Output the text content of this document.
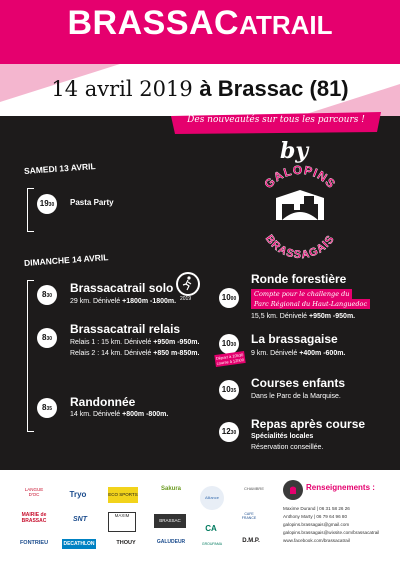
BRASSACATRAIL
14 avril 2019 à Brassac (81)
Des nouveautés sur tous les parcours !
by
GALOPINS
BRASSAGAIS
SAMEDI 13 AVRIL
1930	Pasta Party
DIMANCHE 14 AVRIL
830
Brassacatrail solo
29 km. Dénivelé +1800m -1800m. 2019
830
Brassacatrail relais
Relais 1 : 15 km. Dénivelé +950m -950m.
Relais 2 : 14 km. Dénivelé +850 m-850m.
835	Randonnée
14 km. Dénivelé +800m -800m.
1000
Ronde forestière
Compte pour le challenge du
Parc Régional du Haut-Languedoc
15,5 km. Dénivelé +950m -950m.
1030
Départ à 10h30 course à 12h00
La brassagaise
9 km. Dénivelé +400m -600m.
1035
Courses enfants
Dans le Parc de la Marquise.
1230
Repas après course
Spécialités locales
Réservation conseillée.
LANGUE D'OC	Tryo	ECO SPORTS
Sakura
Alliance
CHAMBRE
MAIRIE de BRASSAC	SNT
MAXIM
BRASSAC AUTO
CA
CAFE FRANCE
FONTRIEU	DECATHLON	THOUY	GALUDEUR	GROUPAMA	D.M.P.
Renseignements :
Maxime Durand | 06 31 58 26 26
Anthony Marty | 06 79 64 96 80
galopins.brassagais@gmail.com
galopins.brassagais@wixsite.com/brassacatrail
www.facebook.com/brassacatrail
